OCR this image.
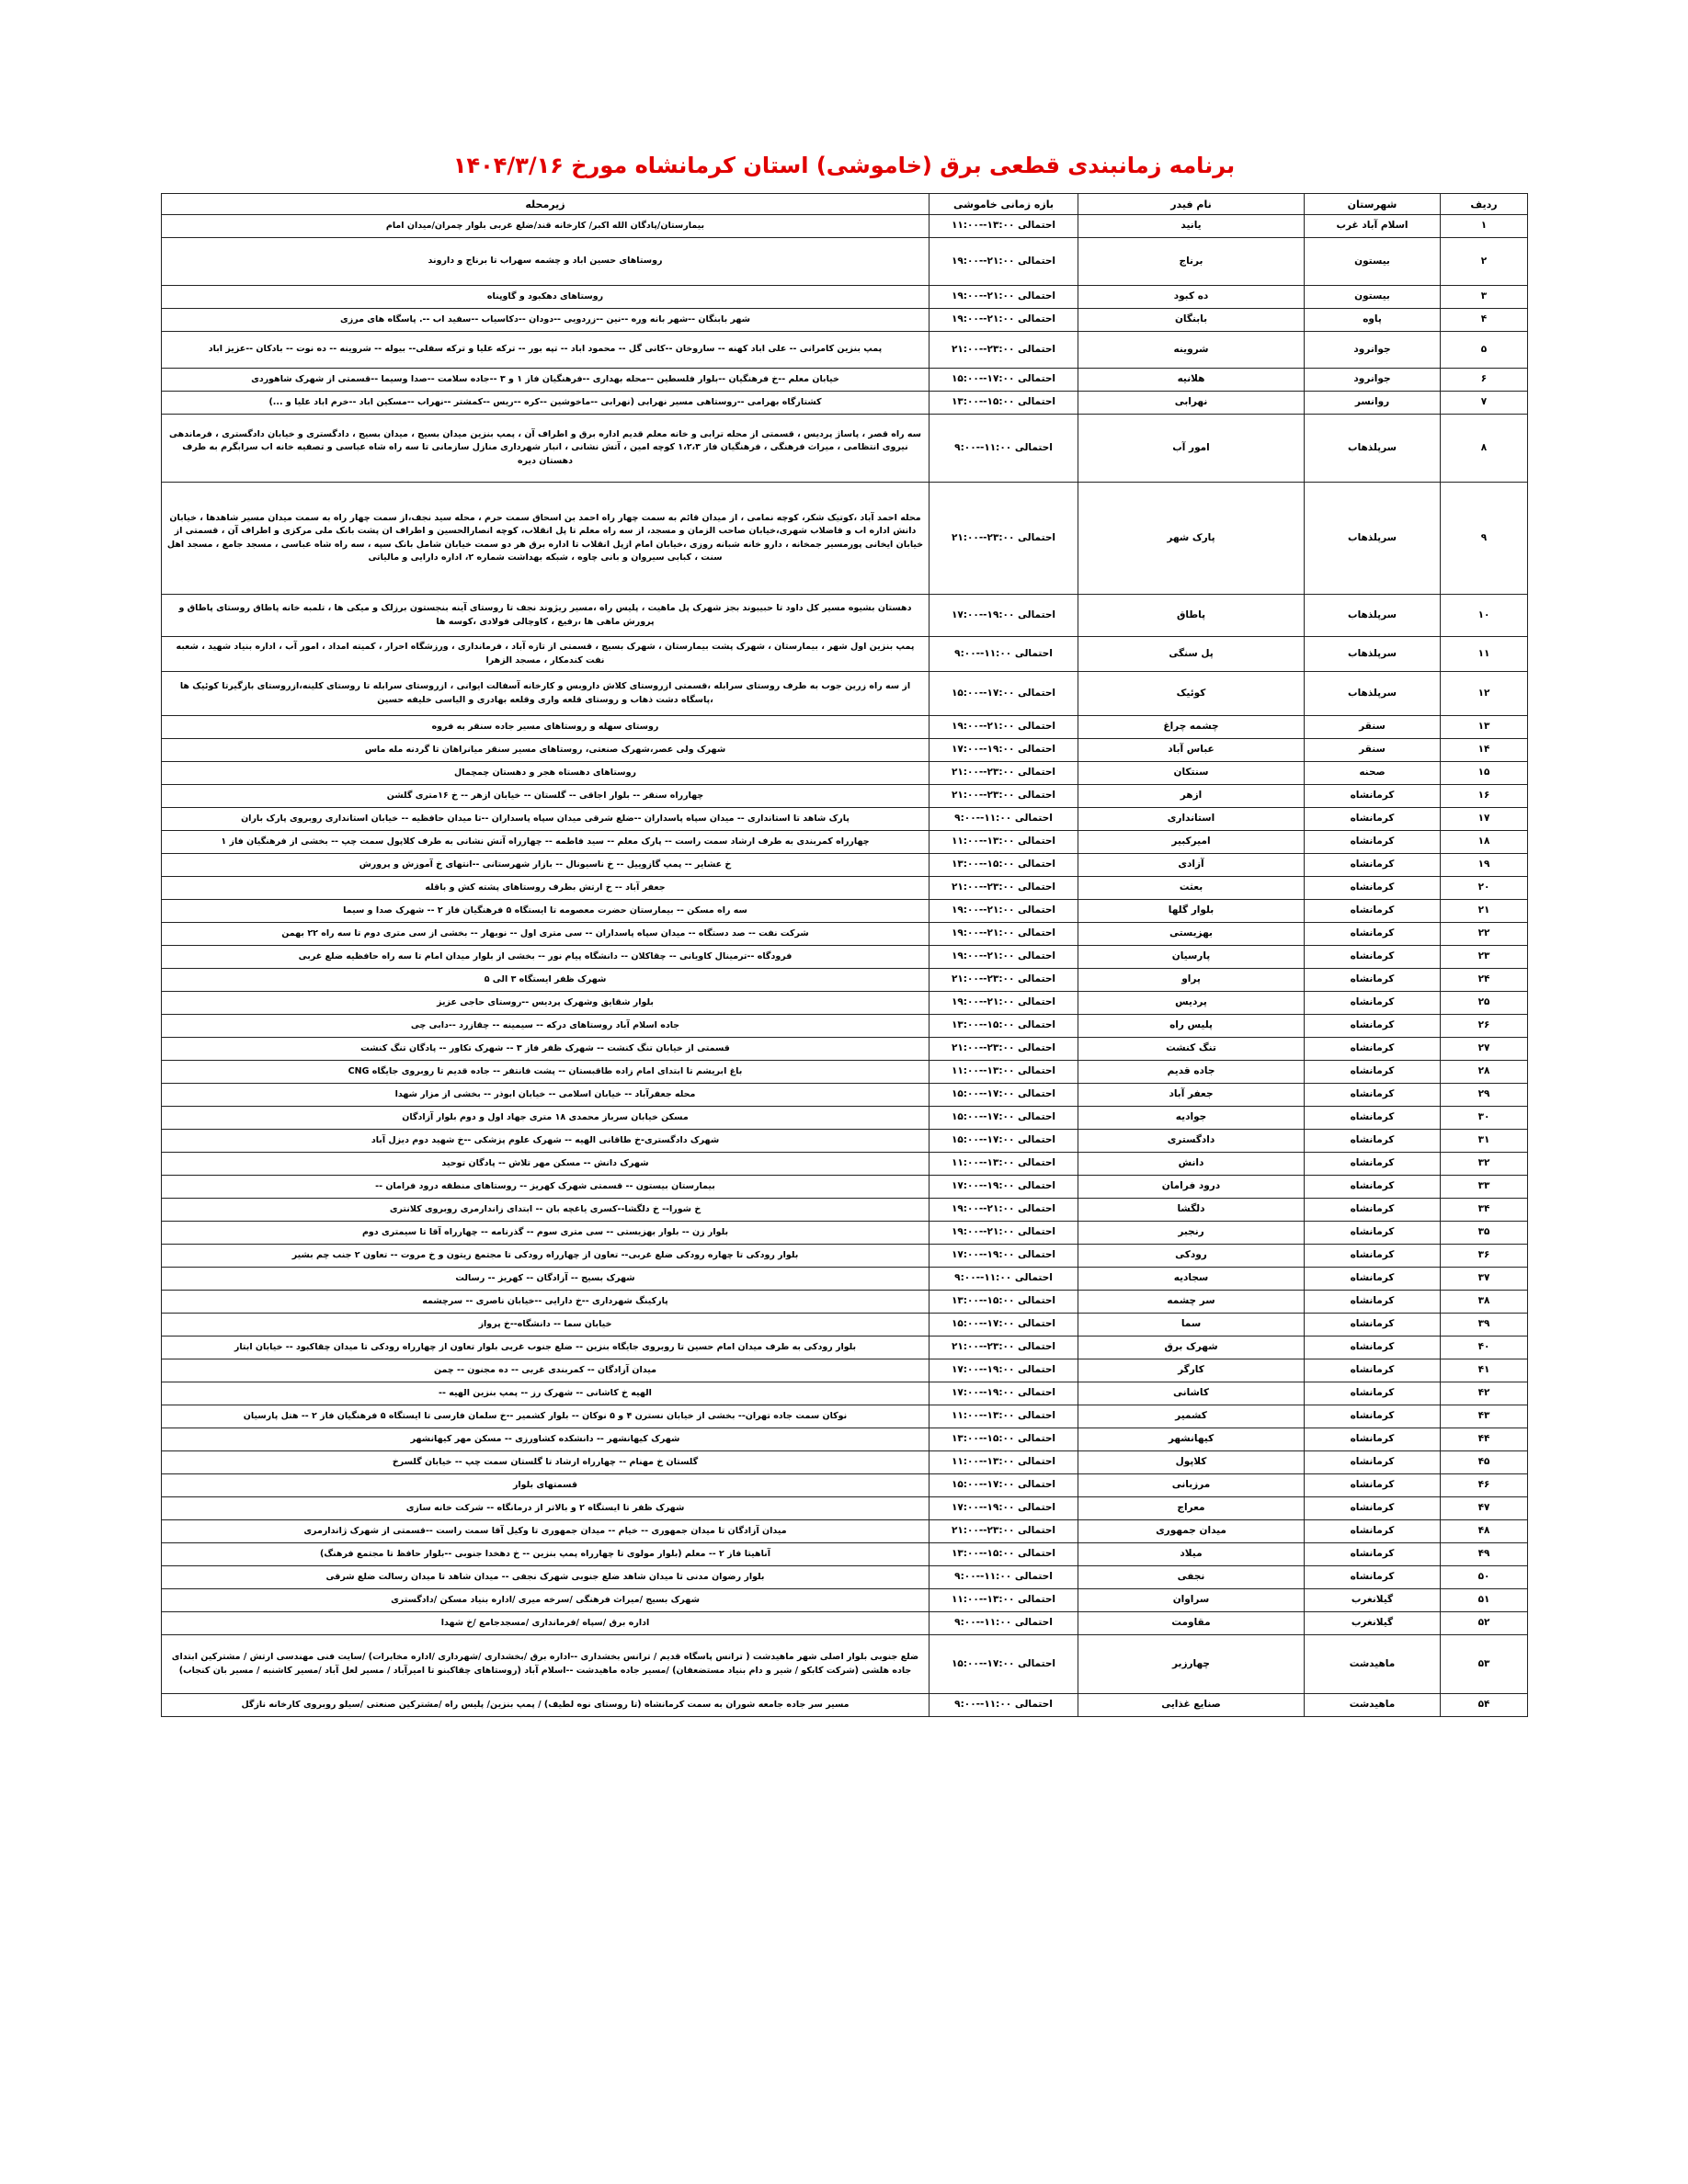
برنامه زمانبندی قطعی برق (خاموشی) استان کرمانشاه مورخ ۱۴۰۴/۳/۱۶
ردیف	شهرستان	نام فیدر	بازه زمانی خاموشی	زیرمحله
۱	اسلام آباد غرب	یانید	احتمالی ۱۳:۰۰--۱۱:۰۰	بیمارستان/پادگان الله اکبر/ کارخانه قند/ضلع غربی بلوار چمران/میدان امام
۲	بیستون	برناج	احتمالی ۲۱:۰۰--۱۹:۰۰	روستاهای حسین اباد و چشمه سهراب تا برناج و داروند
۳	بیستون	ده کبود	احتمالی ۲۱:۰۰--۱۹:۰۰	روستاهای دهکبود و گاوپناه
۴	پاوه	بابنگان	احتمالی ۲۱:۰۰--۱۹:۰۰	شهر بابنگان --شهر بانه وره --نین --زردویی --دودان --دکاسیاب --سفید اب --. پاسگاه های مرزی
۵	جوانرود	شروینه	احتمالی ۲۳:۰۰--۲۱:۰۰	پمپ بنزین کامرانی -- علی اباد کهنه -- ساروخان --کانی گل -- محمود اباد -- تپه بور -- ترکه علیا و ترکه سفلی-- بیوله -- شروینه -- ده نوت -- بادکان --عزیز اباد
۶	جوانرود	هلانیه	احتمالی ۱۷:۰۰--۱۵:۰۰	خیابان معلم --خ فرهنگیان --بلوار فلسطین --محله بهداری --فرهنگیان فاز ۱ و ۳ --جاده سلامت --صدا وسیما --قسمتی از شهرک شاهوردی
۷	روانسر	نهرابی	احتمالی ۱۵:۰۰--۱۳:۰۰	کشتارگاه بهرامی --روستاهی مسیر نهرابی (نهرابی --ماخوشین --کره --ریس --کمشتر --نهراب --مسکین اباد --خرم اباد علیا و ...)
۸	سرپلذهاب	امور آب	احتمالی ۱۱:۰۰--۹:۰۰	سه راه قصر ، پاساژ پردیس ، قسمتی از محله ترابی و خانه معلم قدیم اداره برق و اطراف آن ، پمپ بنزین میدان بسیج ، میدان بسیج ، دادگستری و خیابان دادگستری ، فرماندهی نیروی انتظامی ، میراث فرهنگی ، فرهنگیان فاز ۱،۲،۳ کوچه امین ، آتش نشانی ، انبار شهرداری منازل سازمانی تا سه راه شاه عباسی و تصفیه خانه اب سرابگرم به طرف دهستان دیره
۹	سرپلذهاب	پارک شهر	احتمالی ۲۳:۰۰--۲۱:۰۰	محله احمد آباد ،کوتیک شکر، کوچه نمامی ، از میدان قائم به سمت چهار راه احمد بن اسحاق سمت حرم ، محله سید نجف،از سمت چهار راه به سمت میدان مسیر شاهدها ، خیابان دانش اداره اب و فاضلاب شهری،خیابان صاحب الزمان و مسجد، از سه راه معلم تا پل انقلاب، کوچه انصارالحسین و اطراف ان پشت بانک ملی مرکزی و اطراف آن ، قسمتی از خیابان ایخانی پورمسیر جمخانه ، دارو خانه شبانه روزی ،خیابان امام ازپل انقلاب تا اداره برق هر دو سمت خیابان شامل بانک سپه ، سه راه شاه عباسی ، مسجد جامع ، مسجد اهل سنت ، کبابی سیروان و بانی چاوه ، شبکه بهداشت شماره ۲، اداره دارایی و مالیاتی
۱۰	سرپلذهاب	پاطاق	احتمالی ۱۹:۰۰--۱۷:۰۰	دهستان بشیوه مسیر کل داود تا حبیبوند بجز شهرک پل ماهیت ، پلیس راه ،مسیر ریژوند نجف تا روستای آینه بنجستون برزلک و میکی ها ، تلمبه خانه پاطاق روستای پاطاق و پرورش ماهی ها ،رفیع ، کاوچالی فولادی ،کوسه ها
۱۱	سرپلذهاب	پل سنگی	احتمالی ۱۱:۰۰--۹:۰۰	پمپ بنزین اول شهر ، بیمارستان ، شهرک پشت بیمارستان ، شهرک بسیج ، قسمتی از تازه آباد ، فرمانداری ، ورزشگاه احرار ، کمیته امداد ، امور آب ، اداره بنیاد شهید ، شعبه نفت کندمکار ، مسجد الزهرا
۱۲	سرپلذهاب	کوئیک	احتمالی ۱۷:۰۰--۱۵:۰۰	از سه راه زرین جوب به طرف روستای سرابله ،قسمتی ازروستای کلاش داروبس و کارخانه آسفالت ایوانی ، ازروستای سرابله تا روستای کلینه،ازروستای بازگیرتا کوئیک ها ،پاسگاه دشت ذهاب و روستای قلعه واری وقلعه بهادری و الیاسی خلیفه حسین
۱۳	سنقر	چشمه چراغ	احتمالی ۲۱:۰۰--۱۹:۰۰	روستای سهله و روستاهای مسیر جاده سنقر به فروه
۱۴	سنقر	عباس آباد	احتمالی ۱۹:۰۰--۱۷:۰۰	شهرک ولی عصر،شهرک صنعتی، روستاهای مسیر سنقر میانراهان تا گردنه مله ماس
۱۵	صحنه	سنتکان	احتمالی ۲۳:۰۰--۲۱:۰۰	روستاهای دهستاه هجر و دهستان چمچمال
۱۶	کرمانشاه	ازهر	احتمالی ۲۳:۰۰--۲۱:۰۰	چهارراه سنقر -- بلوار اجاقی -- گلستان -- خیابان ازهر -- خ ۱۶متری گلشن
۱۷	کرمانشاه	استانداری	احتمالی ۱۱:۰۰--۹:۰۰	پارک شاهد تا استانداری -- میدان سپاه پاسداران --ضلع شرقی میدان سپاه پاسداران --تا میدان حافظیه -- خیابان استانداری روبروی پارک باران
۱۸	کرمانشاه	امیرکبیر	احتمالی ۱۳:۰۰--۱۱:۰۰	چهارراه کمربندی به طرف ارشاد سمت راست -- پارک معلم -- سید فاطمه -- چهارراه آتش نشانی به طرف کلاپول سمت چپ -- بخشی از فرهنگیان فاز ۱
۱۹	کرمانشاه	آزادی	احتمالی ۱۵:۰۰--۱۳:۰۰	خ عشایر -- پمپ گازوییل -- خ ناسیونال -- بازار شهرستانی --انتهای خ آموزش و پرورش
۲۰	کرمانشاه	بعثت	احتمالی ۲۳:۰۰--۲۱:۰۰	جعفر آباد -- خ ارتش بطرف روستاهای پشته کش و باقله
۲۱	کرمانشاه	بلوار گلها	احتمالی ۲۱:۰۰--۱۹:۰۰	سه راه مسکن -- بیمارستان حضرت معصومه تا ایستگاه ۵ فرهنگیان فاز ۲ -- شهرک صدا و سیما
۲۲	کرمانشاه	بهزیستی	احتمالی ۲۱:۰۰--۱۹:۰۰	شرکت نفت -- صد دستگاه -- میدان سپاه پاسداران -- سی متری اول -- نوبهار -- بخشی از سی متری دوم تا سه راه ۲۲ بهمن
۲۳	کرمانشاه	پارسیان	احتمالی ۲۱:۰۰--۱۹:۰۰	فرودگاه --ترمینال کاویانی -- چقاکلان -- دانشگاه پیام نور -- بخشی از بلوار میدان امام تا سه راه حافظیه ضلع غربی
۲۴	کرمانشاه	پراو	احتمالی ۲۳:۰۰--۲۱:۰۰	شهرک ظفر ایستگاه ۳ الی ۵
۲۵	کرمانشاه	پردیس	احتمالی ۲۱:۰۰--۱۹:۰۰	بلوار شقایق وشهرک پردیس --روستای حاجی عزیز
۲۶	کرمانشاه	پلیس راه	احتمالی ۱۵:۰۰--۱۳:۰۰	جاده اسلام آباد روستاهای درکه -- سیمینه -- چقازرد --دابی چی
۲۷	کرمانشاه	تنگ کنشت	احتمالی ۲۳:۰۰--۲۱:۰۰	قسمتی از خیابان تنگ کنشت -- شهرک ظفر فاز ۳ -- شهرک تکاور -- پادگان تنگ کنشت
۲۸	کرمانشاه	جاده قدیم	احتمالی ۱۳:۰۰--۱۱:۰۰	باغ ابریشم تا ابتدای امام زاده طاقبستان -- پشت فانتفر -- جاده قدیم تا روبروی جایگاه CNG
۲۹	کرمانشاه	جعفر آباد	احتمالی ۱۷:۰۰--۱۵:۰۰	محله جعفرآباد -- خیابان اسلامی -- خیابان ابوذر -- بخشی از مزار شهدا
۳۰	کرمانشاه	جوادیه	احتمالی ۱۷:۰۰--۱۵:۰۰	مسکن خیابان سرباز محمدی ۱۸ متری جهاد اول و دوم بلوار آزادگان
۳۱	کرمانشاه	دادگستری	احتمالی ۱۷:۰۰--۱۵:۰۰	شهرک دادگستری-خ طاقانی الهیه -- شهرک علوم پزشکی --خ شهید دوم دیزل آباد
۳۲	کرمانشاه	دانش	احتمالی ۱۳:۰۰--۱۱:۰۰	شهرک دانش -- مسکن مهر تلاش -- پادگان توحید
۳۳	کرمانشاه	درود فرامان	احتمالی ۱۹:۰۰--۱۷:۰۰	بیمارستان بیستون -- قسمتی شهرک کهریز -- روستاهای منطقه درود فرامان --
۳۴	کرمانشاه	دلگشا	احتمالی ۲۱:۰۰--۱۹:۰۰	خ شورا-- خ دلگشا--کسری یاغچه بان -- ابتدای زاندارمری روبروی کلانتری
۳۵	کرمانشاه	رنجبر	احتمالی ۲۱:۰۰--۱۹:۰۰	بلوار زن -- بلوار بهزیستی -- سی متری سوم -- گذرنامه -- چهارراه آقا تا سیمتری دوم
۳۶	کرمانشاه	رودکی	احتمالی ۱۹:۰۰--۱۷:۰۰	بلوار رودکی تا چهاره رودکی ضلع غربی-- تعاون از چهارراه رودکی تا مجتمع زیتون و خ مروت -- تعاون ۲ جنب چم بشیر
۳۷	کرمانشاه	سجادیه	احتمالی ۱۱:۰۰--۹:۰۰	شهرک بسیج -- آزادگان -- کهریز -- رسالت
۳۸	کرمانشاه	سر چشمه	احتمالی ۱۵:۰۰--۱۳:۰۰	پارکینگ شهرداری --خ دارایی --خیابان ناصری -- سرچشمه
۳۹	کرمانشاه	سما	احتمالی ۱۷:۰۰--۱۵:۰۰	خیابان سما -- دانشگاه--خ پرواز
۴۰	کرمانشاه	شهرک برق	احتمالی ۲۳:۰۰--۲۱:۰۰	بلوار رودکی به طرف میدان امام حسین تا روبروی جایگاه بنزین -- ضلع جنوب غربی بلوار تعاون از چهارراه رودکی تا میدان چقاکبود -- خیابان ابتار
۴۱	کرمانشاه	کارگر	احتمالی ۱۹:۰۰--۱۷:۰۰	میدان آزادگان -- کمربندی غربی -- ده مجنون -- چمن
۴۲	کرمانشاه	کاشانی	احتمالی ۱۹:۰۰--۱۷:۰۰	الهیه خ کاشانی -- شهرک رز -- پمپ بنزین الهیه --
۴۳	کرمانشاه	کشمیر	احتمالی ۱۳:۰۰--۱۱:۰۰	نوکان سمت جاده تهران-- بخشی از خیابان نسترن ۴ و ۵ نوکان -- بلوار کشمیر --خ سلمان فارسی تا ایستگاه ۵ فرهنگیان فاز ۲ -- هتل پارسیان
۴۴	کرمانشاه	کیهانشهر	احتمالی ۱۵:۰۰--۱۳:۰۰	شهرک کیهانشهر -- دانشکده کشاورزی -- مسکن مهر کیهانشهر
۴۵	کرمانشاه	کلاپول	احتمالی ۱۳:۰۰--۱۱:۰۰	گلستان خ مهنام -- چهارراه ارشاد تا گلستان سمت چپ -- خیابان گلسرخ
۴۶	کرمانشاه	مرزبانی	احتمالی ۱۷:۰۰--۱۵:۰۰	قسمتهای بلوار
۴۷	کرمانشاه	معراج	احتمالی ۱۹:۰۰--۱۷:۰۰	شهرک ظفر تا ایستگاه ۲ و بالاتر از درمانگاه -- شرکت خانه سازی
۴۸	کرمانشاه	میدان جمهوری	احتمالی ۲۳:۰۰--۲۱:۰۰	میدان آزادگان تا میدان جمهوری -- خیام -- میدان جمهوری تا وکیل آقا سمت راست --قسمتی از شهرک ژاندارمری
۴۹	کرمانشاه	میلاد	احتمالی ۱۵:۰۰--۱۳:۰۰	آناهیتا فاز ۲ -- معلم (بلوار مولوی تا چهارراه پمپ بنزین -- خ دهخدا جنوبی --بلوار حافظ تا مجتمع فرهنگ)
۵۰	کرمانشاه	نجفی	احتمالی ۱۱:۰۰--۹:۰۰	بلوار رضوان مدنی تا میدان شاهد ضلع جنوبی شهرک نجفی -- میدان شاهد تا میدان رسالت ضلع شرقی
۵۱	گیلانغرب	سراوان	احتمالی ۱۳:۰۰--۱۱:۰۰	شهرک بسیج /میراث فرهنگی /سرخه میری /اداره بنیاد مسکن /دادگستری
۵۲	گیلانغرب	مقاومت	احتمالی ۱۱:۰۰--۹:۰۰	اداره برق /سپاه /فرمانداری /مسجدجامع /خ شهدا
۵۳	ماهیدشت	چهارزبر	احتمالی ۱۷:۰۰--۱۵:۰۰	ضلع جنوبی بلوار اصلی شهر ماهیدشت ( ترانس پاسگاه قدیم / ترانس بخشداری --اداره برق /بخشداری /شهرداری /اداره مخابرات) /سایت فنی مهندسی ارتش / مشترکین ابتدای جاده هلشی (شرکت کابکو / شیر و دام بنیاد مستضعفان) /مسیر جاده ماهیدشت --اسلام آباد (روستاهای چقاکبنو تا امیرآباد / مسیر لعل آباد /مسیر کاشنبه / مسیر بان کنجاب)
۵۴	ماهیدشت	صنایع غذایی	احتمالی ۱۱:۰۰--۹:۰۰	مسیر سر جاده جامعه شوران به سمت کرمانشاه (تا روستای نوه لطیف) / پمپ بنزین/ پلیس راه /مشترکین صنعتی /سیلو روبروی کارخانه نازگل
